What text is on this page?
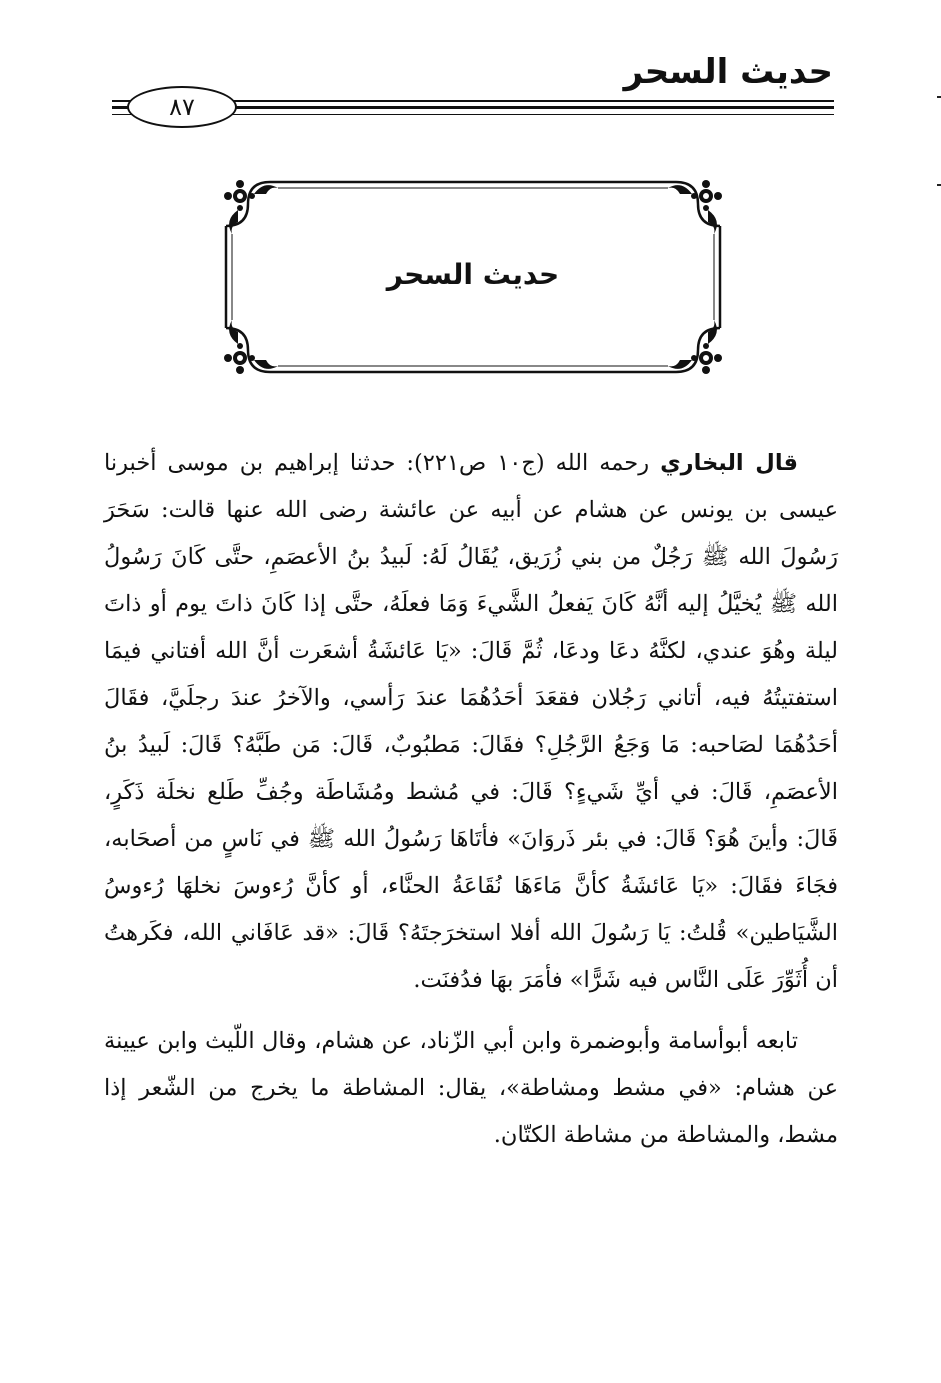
حديث السحر
٨٧
حديث السحر

قال البخاري رحمه الله (ج١٠ ص٢٢١): حدثنا إبراهيم بن موسى أخبرنا عيسى بن يونس عن هشام عن أبيه عن عائشة رضى الله عنها قالت: سَحَرَ رَسُولَ الله ﷺ رَجُلٌ من بني زُرَيق، يُقَالُ لَهُ: لَبيدُ بنُ الأعصَمِ، حتَّى كَانَ رَسُولُ الله ﷺ يُخيَّلُ إليه أنَّهُ كَانَ يَفعلُ الشَّيءَ وَمَا فعلَهُ، حتَّى إذا كَانَ ذاتَ يوم أو ذاتَ ليلة وهُوَ عندي، لكنَّهُ دعَا ودعَا، ثُمَّ قَالَ: «يَا عَائشَةُ أشعَرت أنَّ الله أفتاني فيمَا استفتيتُهُ فيه، أتاني رَجُلان فقعَدَ أحَدُهُمَا عندَ رَأسي، والآخرُ عندَ رجلَيَّ، فقَالَ أحَدُهُمَا لصَاحبه: مَا وَجَعُ الرَّجُلِ؟ فقَالَ: مَطبُوبٌ، قَالَ: مَن طَبَّهُ؟ قَالَ: لَبيدُ بنُ الأعصَمِ، قَالَ: في أيِّ شَيءٍ؟ قَالَ: في مُشط ومُشَاطَة وجُفِّ طَلع نخلَة ذَكَرٍ، قَالَ: وأينَ هُوَ؟ قَالَ: في بئر ذَروَانَ» فأتَاهَا رَسُولُ الله ﷺ في نَاسٍ من أصحَابه، فجَاءَ فقَالَ: «يَا عَائشَةُ كأنَّ مَاءَهَا نُقَاعَةُ الحنَّاء، أو كأنَّ رُءوسَ نخلهَا رُءوسُ الشَّيَاطين» قُلتُ: يَا رَسُولَ الله أفلا استخرَجتَهُ؟ قَالَ: «قد عَافَاني الله، فكَرهتُ أن أُثَوِّرَ عَلَى النَّاس فيه شَرًّا» فأمَرَ بهَا فدُفنَت.

تابعه أبوأسامة وأبوضمرة وابن أبي الزّناد، عن هشام، وقال اللّيث وابن عيينة عن هشام: «في مشط ومشاطة»، يقال: المشاطة ما يخرج من الشّعر إذا مشط، والمشاطة من مشاطة الكتّان.
